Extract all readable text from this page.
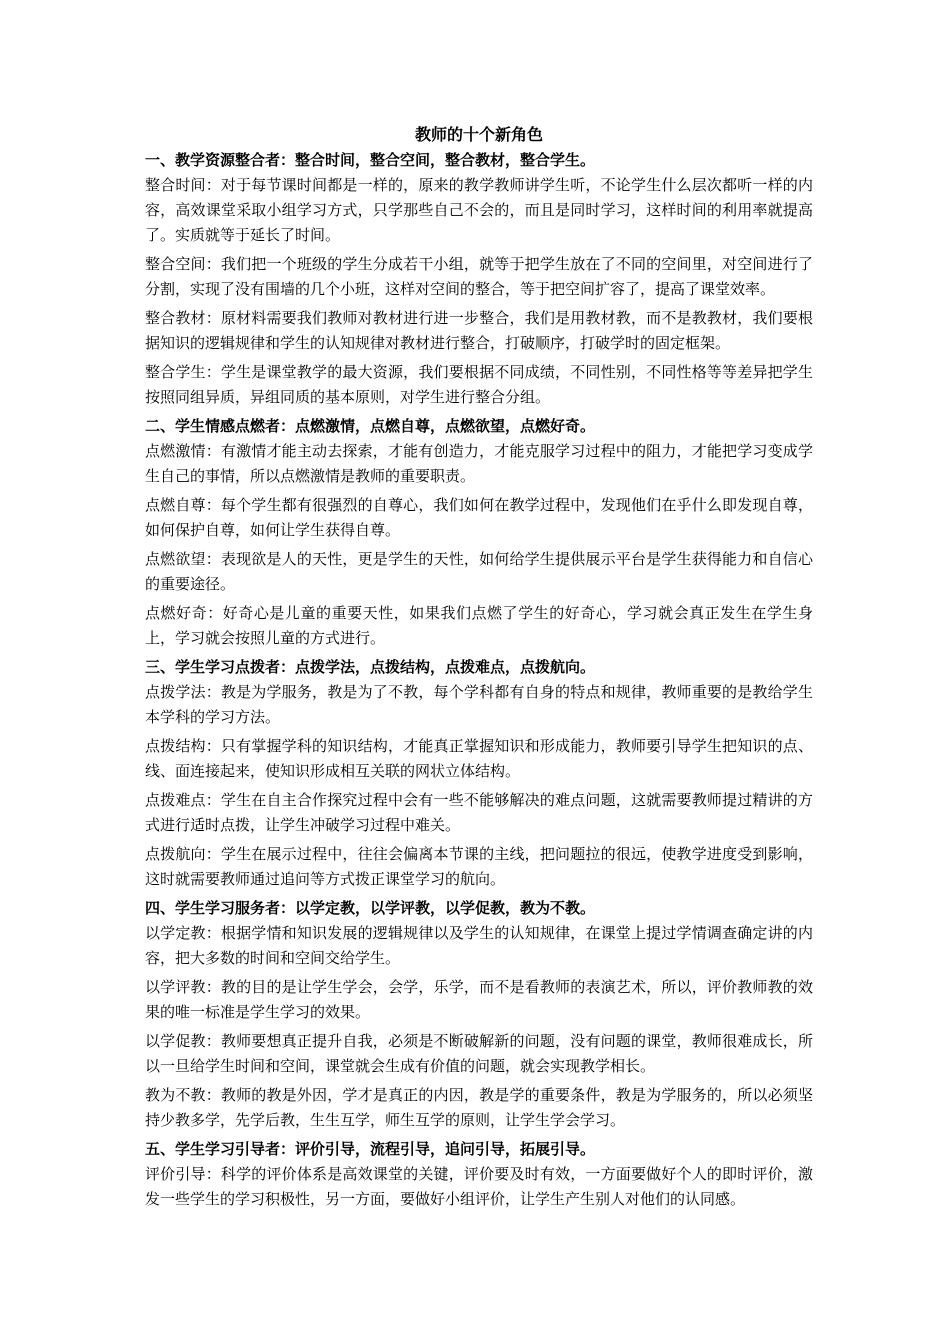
教师的十个新角色

一、教学资源整合者：整合时间，整合空间，整合教材，整合学生。

整合时间：对于每节课时间都是一样的，原来的教学教师讲学生听，不论学生什么层次都听一样的内容，高效课堂采取小组学习方式，只学那些自己不会的，而且是同时学习，这样时间的利用率就提高了。实质就等于延长了时间。

整合空间：我们把一个班级的学生分成若干小组，就等于把学生放在了不同的空间里，对空间进行了分割，实现了没有围墙的几个小班，这样对空间的整合，等于把空间扩容了，提高了课堂效率。

整合教材：原材料需要我们教师对教材进行进一步整合，我们是用教材教，而不是教教材，我们要根据知识的逻辑规律和学生的认知规律对教材进行整合，打破顺序，打破学时的固定框架。

整合学生：学生是课堂教学的最大资源，我们要根据不同成绩，不同性别，不同性格等等差异把学生按照同组异质，异组同质的基本原则，对学生进行整合分组。

二、学生情感点燃者：点燃激情，点燃自尊，点燃欲望，点燃好奇。

点燃激情：有激情才能主动去探索，才能有创造力，才能克服学习过程中的阻力，才能把学习变成学生自己的事情，所以点燃激情是教师的重要职责。

点燃自尊：每个学生都有很强烈的自尊心，我们如何在教学过程中，发现他们在乎什么即发现自尊，如何保护自尊，如何让学生获得自尊。

点燃欲望：表现欲是人的天性，更是学生的天性，如何给学生提供展示平台是学生获得能力和自信心的重要途径。

点燃好奇：好奇心是儿童的重要天性，如果我们点燃了学生的好奇心，学习就会真正发生在学生身上，学习就会按照儿童的方式进行。

三、学生学习点拨者：点拨学法，点拨结构，点拨难点，点拨航向。

点拨学法：教是为学服务，教是为了不教，每个学科都有自身的特点和规律，教师重要的是教给学生本学科的学习方法。

点拨结构：只有掌握学科的知识结构，才能真正掌握知识和形成能力，教师要引导学生把知识的点、线、面连接起来，使知识形成相互关联的网状立体结构。

点拨难点：学生在自主合作探究过程中会有一些不能够解决的难点问题，这就需要教师提过精讲的方式进行适时点拨，让学生冲破学习过程中难关。

点拨航向：学生在展示过程中，往往会偏离本节课的主线，把问题拉的很远，使教学进度受到影响，这时就需要教师通过追问等方式拨正课堂学习的航向。

四、学生学习服务者：以学定教，以学评教，以学促教，教为不教。

以学定教：根据学情和知识发展的逻辑规律以及学生的认知规律，在课堂上提过学情调查确定讲的内容，把大多数的时间和空间交给学生。

以学评教：教的目的是让学生学会，会学，乐学，而不是看教师的表演艺术，所以，评价教师教的效果的唯一标准是学生学习的效果。

以学促教：教师要想真正提升自我，必须是不断破解新的问题，没有问题的课堂，教师很难成长，所以一旦给学生时间和空间，课堂就会生成有价值的问题，就会实现教学相长。

教为不教：教师的教是外因，学才是真正的内因，教是学的重要条件，教是为学服务的，所以必须坚持少教多学，先学后教，生生互学，师生互学的原则，让学生学会学习。

五、学生学习引导者：评价引导，流程引导，追问引导，拓展引导。

评价引导：科学的评价体系是高效课堂的关键，评价要及时有效，一方面要做好个人的即时评价，激发一些学生的学习积极性，另一方面，要做好小组评价，让学生产生别人对他们的认同感。
